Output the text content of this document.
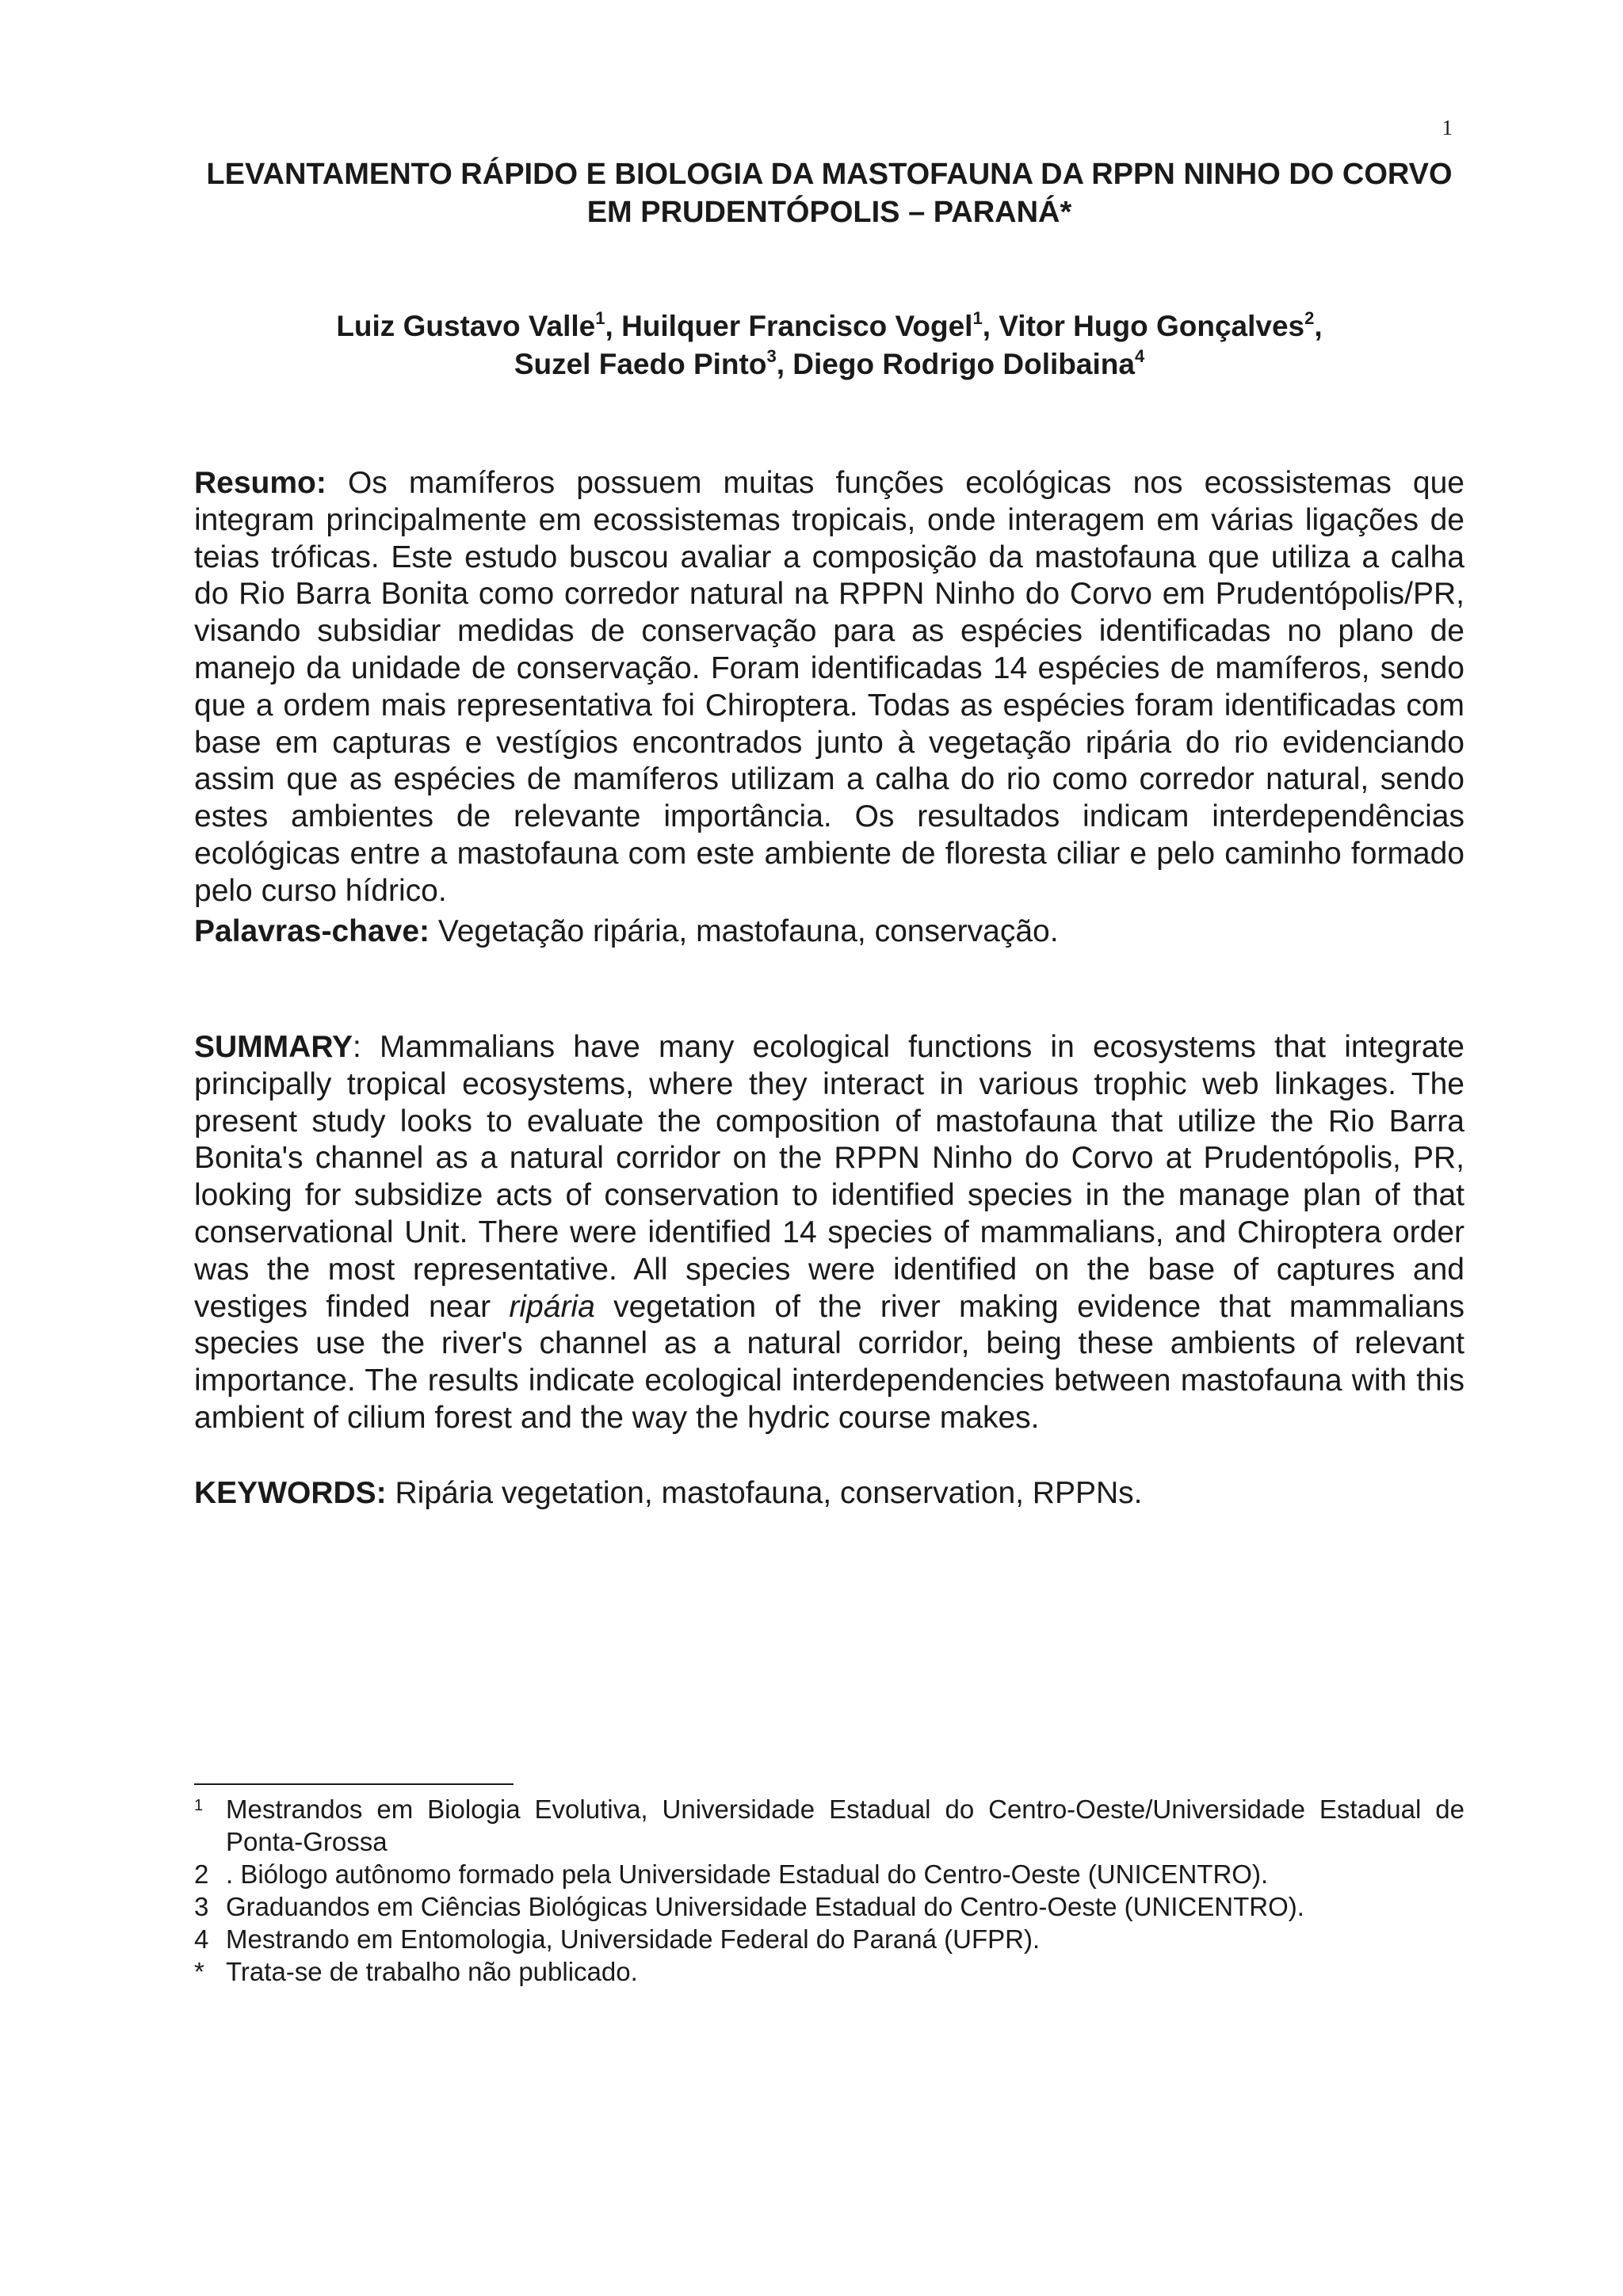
1
LEVANTAMENTO RÁPIDO E BIOLOGIA DA MASTOFAUNA DA RPPN NINHO DO CORVO EM PRUDENTÓPOLIS – PARANÁ*

Luiz Gustavo Valle$^1$, Huilquer Francisco Vogel$^1$, Vitor Hugo Gonçalves$^2$,
Suzel Faedo Pinto$^3$, Diego Rodrigo Dolibaina$^4$

Resumo: Os mamíferos possuem muitas funções ecológicas nos ecossistemas que integram principalmente em ecossistemas tropicais, onde interagem em várias ligações de teias tróficas. Este estudo buscou avaliar a composição da mastofauna que utiliza a calha do Rio Barra Bonita como corredor natural na RPPN Ninho do Corvo em Prudentópolis/PR, visando subsidiar medidas de conservação para as espécies identificadas no plano de manejo da unidade de conservação. Foram identificadas 14 espécies de mamíferos, sendo que a ordem mais representativa foi Chiroptera. Todas as espécies foram identificadas com base em capturas e vestígios encontrados junto à vegetação ripária do rio evidenciando assim que as espécies de mamíferos utilizam a calha do rio como corredor natural, sendo estes ambientes de relevante importância. Os resultados indicam interdependências ecológicas entre a mastofauna com este ambiente de floresta ciliar e pelo caminho formado pelo curso hídrico.

Palavras-chave: Vegetação ripária, mastofauna, conservação.

SUMMARY: Mammalians have many ecological functions in ecosystems that integrate principally tropical ecosystems, where they interact in various trophic web linkages. The present study looks to evaluate the composition of mastofauna that utilize the Rio Barra Bonita's channel as a natural corridor on the RPPN Ninho do Corvo at Prudentópolis, PR, looking for subsidize acts of conservation to identified species in the manage plan of that conservational Unit. There were identified 14 species of mammalians, and Chiroptera order was the most representative. All species were identified on the base of captures and vestiges finded near ripária vegetation of the river making evidence that mammalians species use the river's channel as a natural corridor, being these ambients of relevant importance. The results indicate ecological interdependencies between mastofauna with this ambient of cilium forest and the way the hydric course makes.

KEYWORDS: Ripária vegetation, mastofauna, conservation, RPPNs.

$^1$ Mestrandos em Biologia Evolutiva, Universidade Estadual do Centro-Oeste/Universidade Estadual de Ponta-Grossa
2 . Biólogo autônomo formado pela Universidade Estadual do Centro-Oeste (UNICENTRO).
3 Graduandos em Ciências Biológicas Universidade Estadual do Centro-Oeste (UNICENTRO).
4 Mestrando em Entomologia, Universidade Federal do Paraná (UFPR).
* Trata-se de trabalho não publicado.
